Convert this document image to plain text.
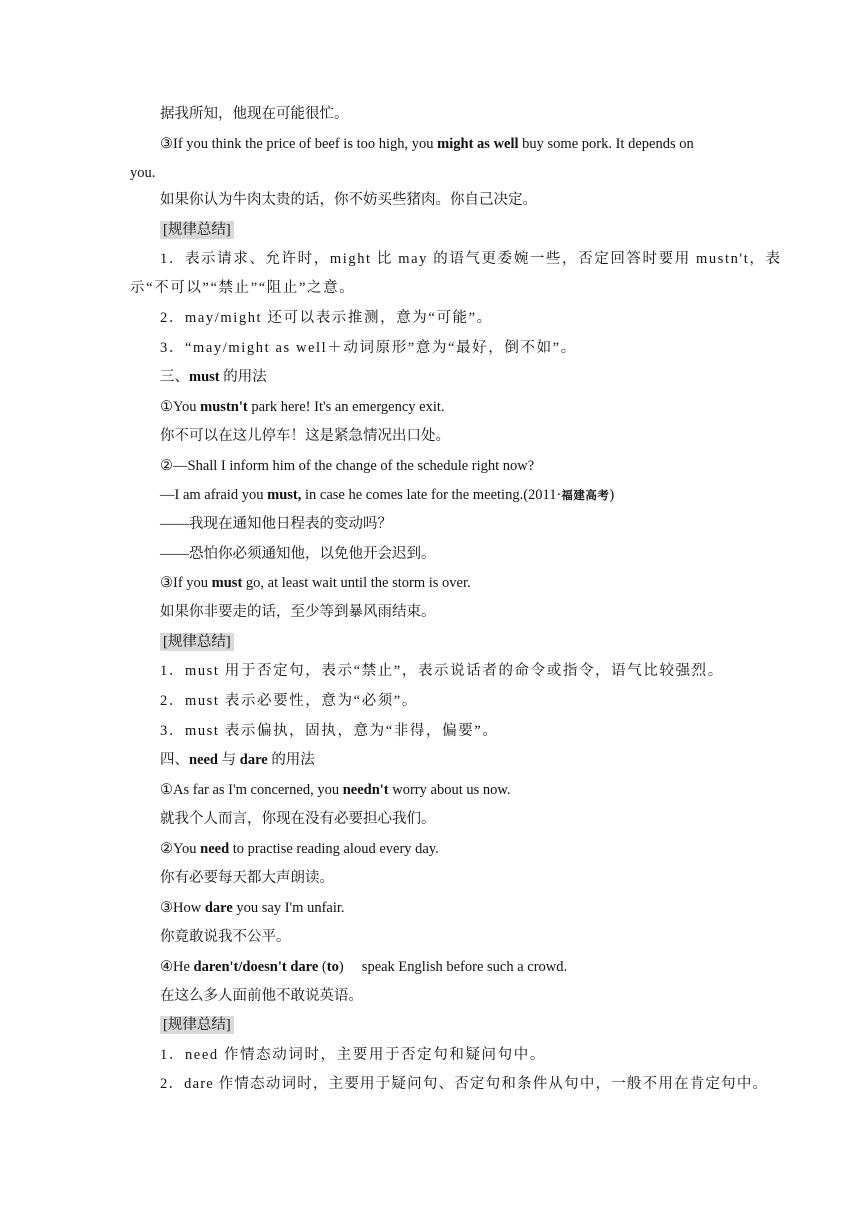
据我所知，他现在可能很忙。
③If you think the price of beef is too high, you might as well buy some pork. It depends on
you.
如果你认为牛肉太贵的话，你不妨买些猪肉。你自己决定。
[规律总结]
1．表示请求、允许时，might 比 may 的语气更委婉一些，否定回答时要用 mustn't，表
示“不可以”“禁止”“阻止”之意。
2．may/might 还可以表示推测，意为“可能”。
3．“may/might as well＋动词原形”意为“最好，倒不如”。
三、must 的用法
①You mustn't park here! It's an emergency exit.
你不可以在这儿停车！这是紧急情况出口处。
②—Shall I inform him of the change of the schedule right now?
—I am afraid you must, in case he comes late for the meeting.(2011·福建高考)
——我现在通知他日程表的变动吗？
——恐怕你必须通知他，以免他开会迟到。
③If you must go, at least wait until the storm is over.
如果你非要走的话，至少等到暴风雨结束。
[规律总结]
1．must 用于否定句，表示“禁止”，表示说话者的命令或指令，语气比较强烈。
2．must 表示必要性，意为“必须”。
3．must 表示偏执，固执，意为“非得，偏要”。
四、need 与 dare 的用法
①As far as I'm concerned, you needn't worry about us now.
就我个人而言，你现在没有必要担心我们。
②You need to practise reading aloud every day.
你有必要每天都大声朗读。
③How dare you say I'm unfair.
你竟敢说我不公平。
④He daren't/doesn't dare (to)　 speak English before such a crowd.
在这么多人面前他不敢说英语。
[规律总结]
1．need 作情态动词时，主要用于否定句和疑问句中。
2．dare 作情态动词时，主要用于疑问句、否定句和条件从句中，一般不用在肯定句中。
